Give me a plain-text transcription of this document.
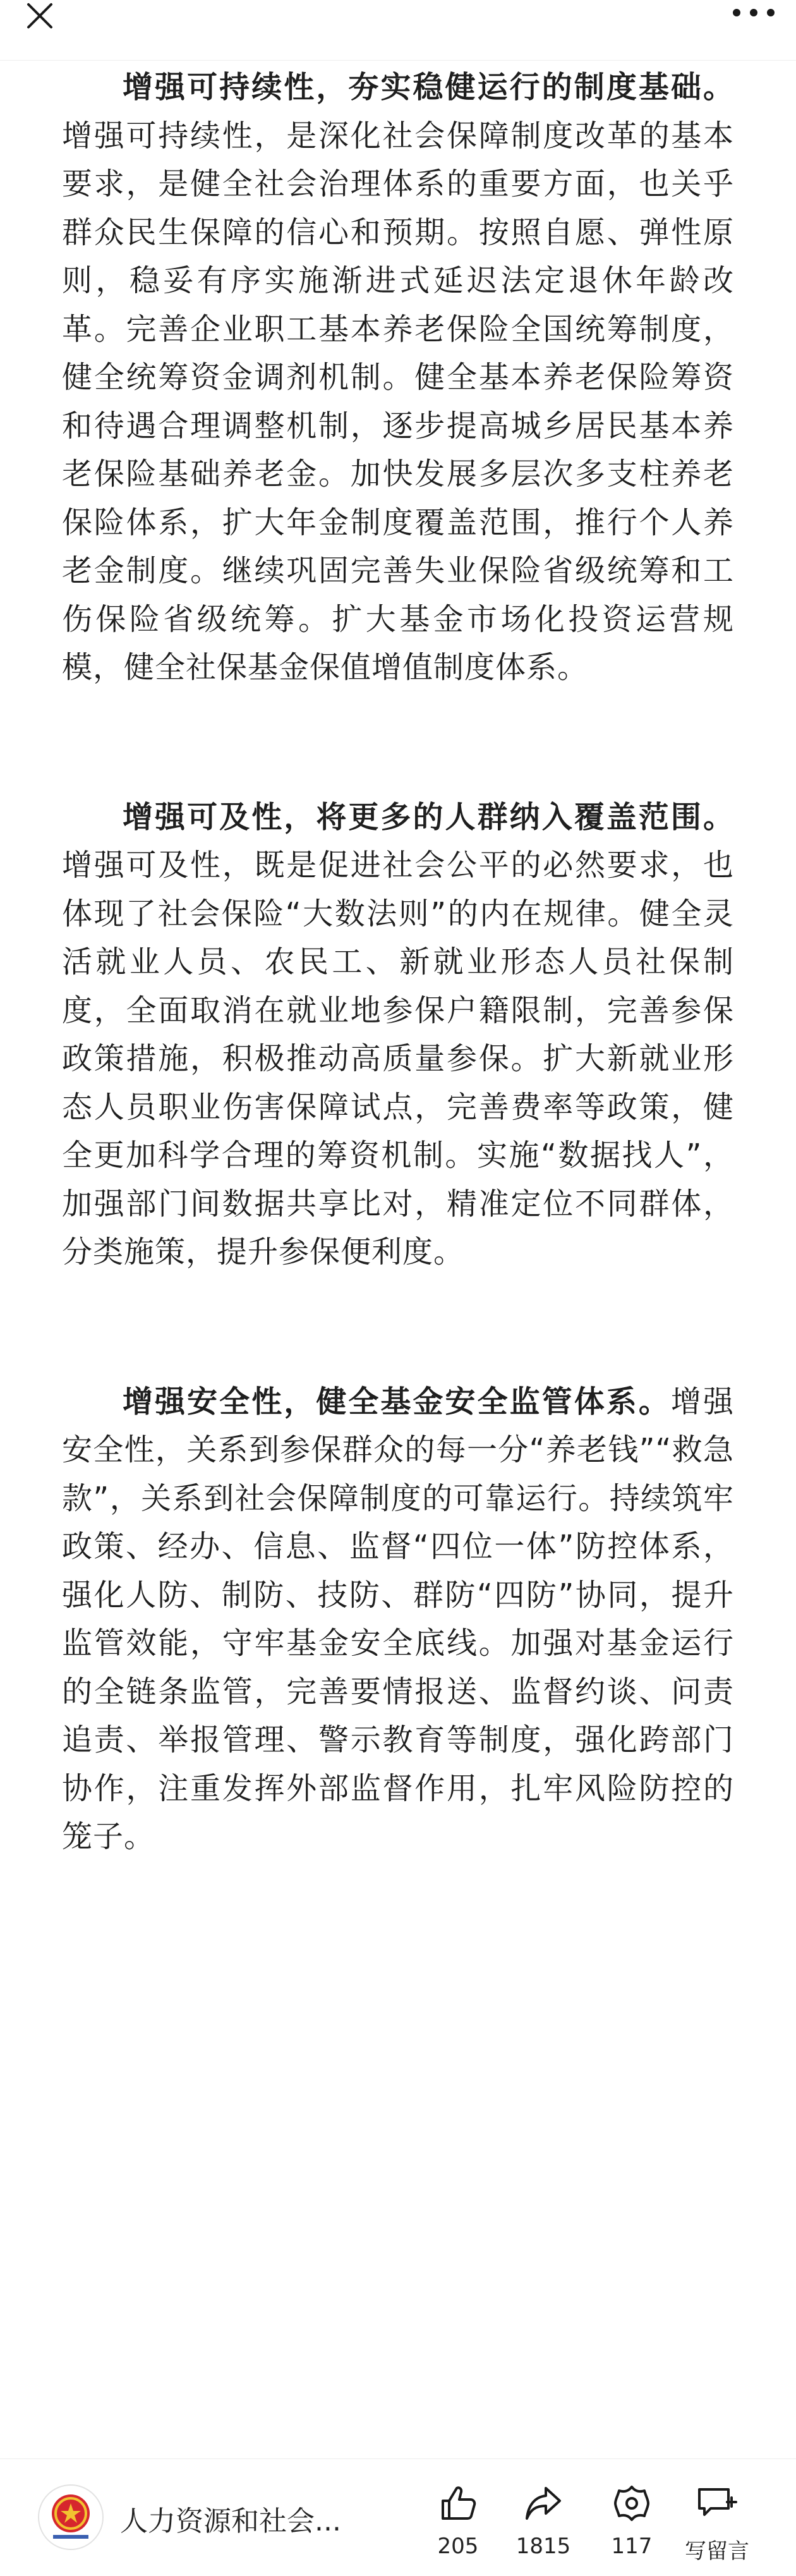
增强可持续性，夯实稳健运行的制度基础。增强可持续性，是深化社会保障制度改革的基本要求，是健全社会治理体系的重要方面，也关乎群众民生保障的信心和预期。按照自愿、弹性原则，稳妥有序实施渐进式延迟法定退休年龄改革。完善企业职工基本养老保险全国统筹制度，健全统筹资金调剂机制。健全基本养老保险筹资和待遇合理调整机制，逐步提高城乡居民基本养老保险基础养老金。加快发展多层次多支柱养老保险体系，扩大年金制度覆盖范围，推行个人养老金制度。继续巩固完善失业保险省级统筹和工伤保险省级统筹。扩大基金市场化投资运营规模，健全社保基金保值增值制度体系。

增强可及性，将更多的人群纳入覆盖范围。增强可及性，既是促进社会公平的必然要求，也体现了社会保险“大数法则”的内在规律。健全灵活就业人员、农民工、新就业形态人员社保制度，全面取消在就业地参保户籍限制，完善参保政策措施，积极推动高质量参保。扩大新就业形态人员职业伤害保障试点，完善费率等政策，健全更加科学合理的筹资机制。实施“数据找人”，加强部门间数据共享比对，精准定位不同群体，分类施策，提升参保便利度。

增强安全性，健全基金安全监管体系。增强安全性，关系到参保群众的每一分“养老钱”“救急款”，关系到社会保障制度的可靠运行。持续筑牢政策、经办、信息、监督“四位一体”防控体系，强化人防、制防、技防、群防“四防”协同，提升监管效能，守牢基金安全底线。加强对基金运行的全链条监管，完善要情报送、监督约谈、问责追责、举报管理、警示教育等制度，强化跨部门协作，注重发挥外部监督作用，扎牢风险防控的笼子。

人力资源和社会...
205	1815	117	写留言
